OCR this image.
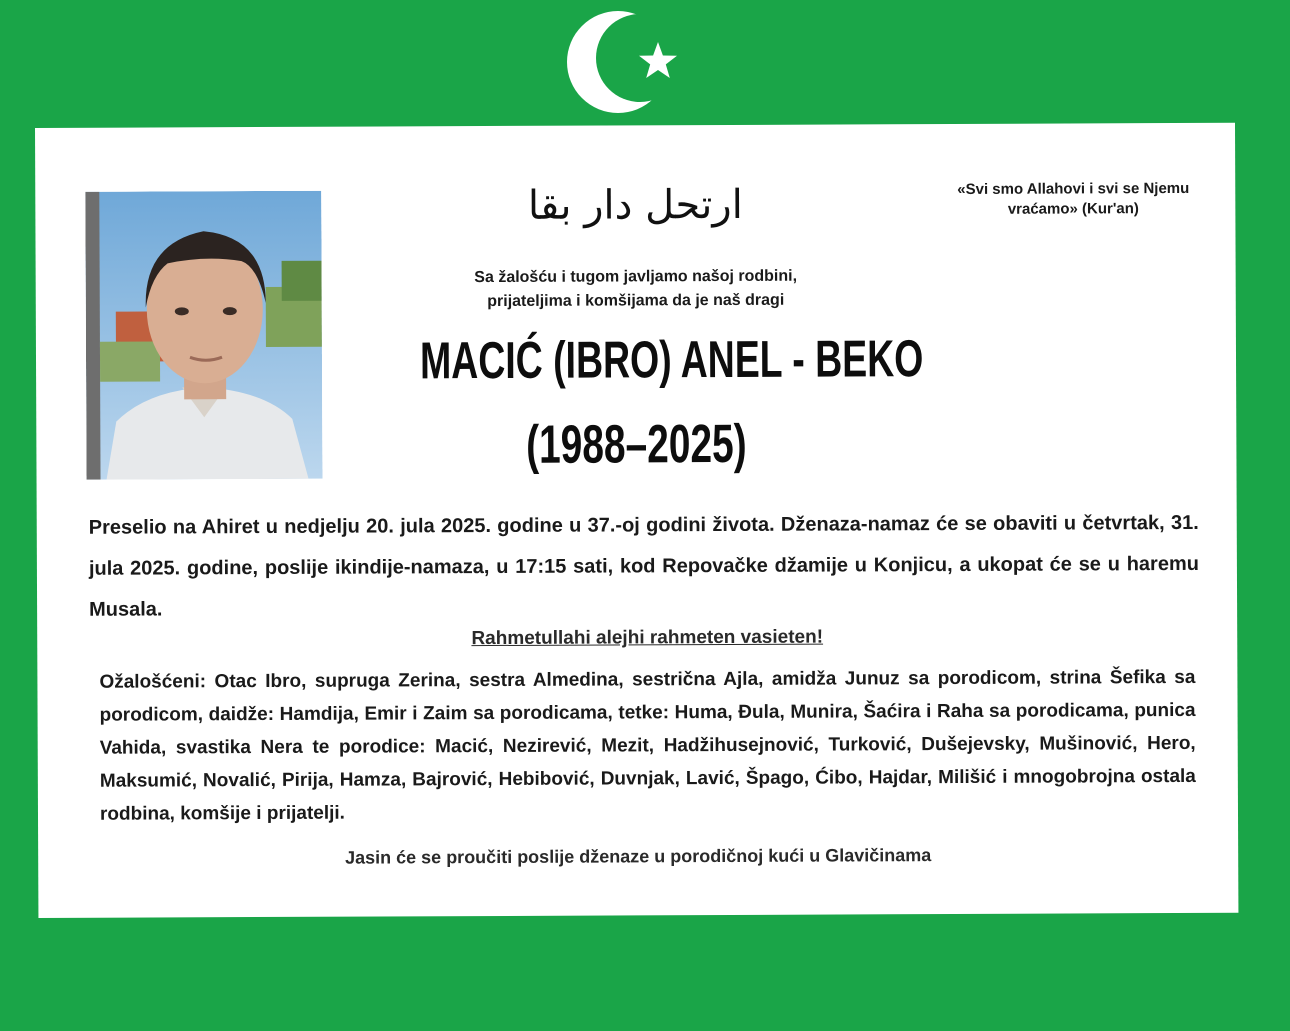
ارتحل دار بقا	«Svi smo Allahovi i svi se Njemu vraćamo» (Kur'an)
Sa žalošću i tugom javljamo našoj rodbini,
prijateljima i komšijama da je naš dragi
MACIĆ (IBRO) ANEL - BEKO
(1988–2025)
Preselio na Ahiret u nedjelju 20. jula 2025. godine u 37.-oj godini života. Dženaza-namaz će se obaviti u četvrtak, 31. jula 2025. godine, poslije ikindije-namaza, u 17:15 sati, kod Repovačke džamije u Konjicu, a ukopat će se u haremu Musala.
Rahmetullahi alejhi rahmeten vasieten!
Ožalošćeni: Otac Ibro, supruga Zerina, sestra Almedina, sestrična Ajla, amidža Junuz sa porodicom, strina Šefika sa porodicom, daidže: Hamdija, Emir i Zaim sa porodicama, tetke: Huma, Đula, Munira, Šaćira i Raha sa porodicama, punica Vahida, svastika Nera te porodice: Macić, Nezirević, Mezit, Hadžihusejnović, Turković, Dušejevsky, Mušinović, Hero, Maksumić, Novalić, Pirija, Hamza, Bajrović, Hebibović, Duvnjak, Lavić, Špago, Ćibo, Hajdar, Milišić i mnogobrojna ostala rodbina, komšije i prijatelji.
Jasin će se proučiti poslije dženaze u porodičnoj kući u Glavičinama
